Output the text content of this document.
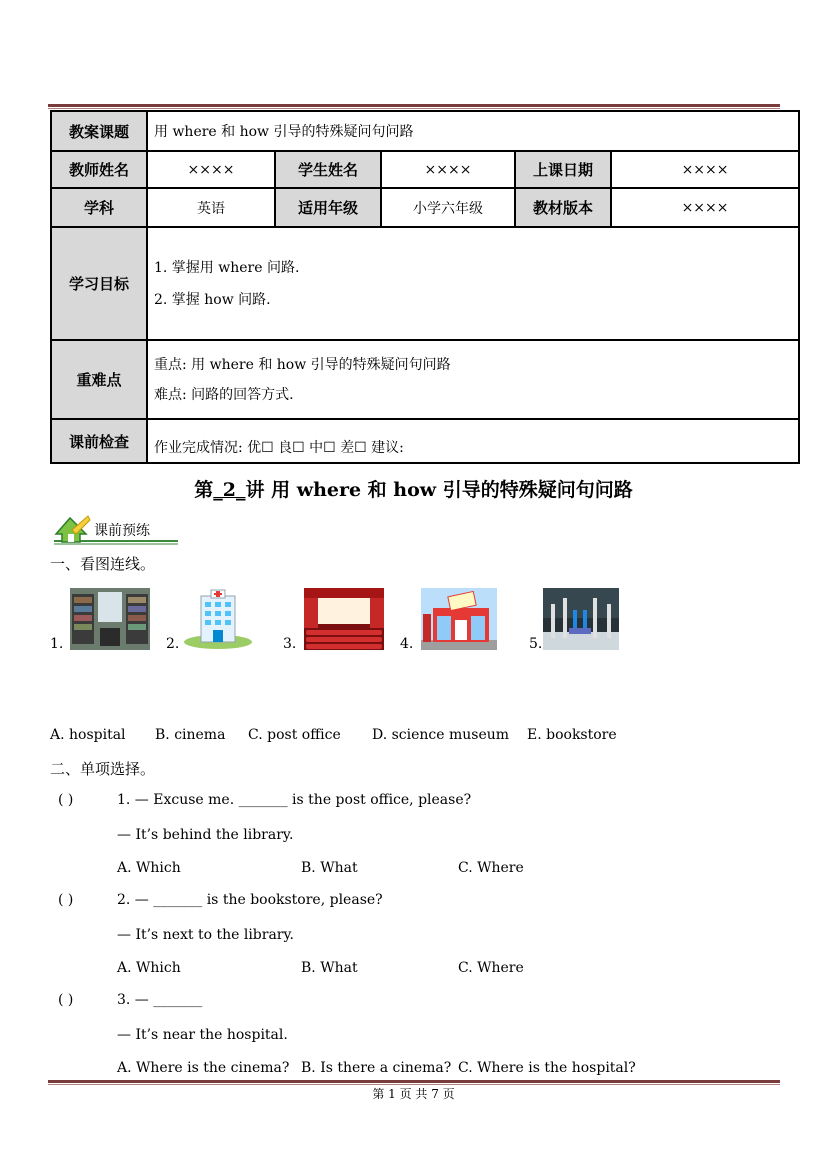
教案课题	用 where 和 how 引导的特殊疑问句问路				
教师姓名	××××	学生姓名	××××	上课日期	××××
学科	英语	适用年级	小学六年级	教材版本	××××
学习目标	1. 掌握用 where 问路.
2. 掌握 how 问路.				

重难点	重点: 用 where 和 how 引导的特殊疑问句问路
难点: 问路的回答方式.				

课前检查	作业完成情况: 优☐ 良☐ 中☐ 差☐ 建议:				
第_2_讲 用 where 和 how 引导的特殊疑问句问路
课前预练
一、看图连线。
1.	2.	3.	4.	5.
A. hospital B. cinema C. post office D. science museum E. bookstore
二、单项选择。
( )	1. — Excuse me. _______ is the post office, please?
— It’s behind the library.
A. Which	B. What	C. Where
( )	2. — _______ is the bookstore, please?
— It’s next to the library.
A. Which	B. What	C. Where
( )	3. — _______
— It’s near the hospital.
A. Where is the cinema? B. Is there a cinema? C. Where is the hospital?
第 1 页 共 7 页
